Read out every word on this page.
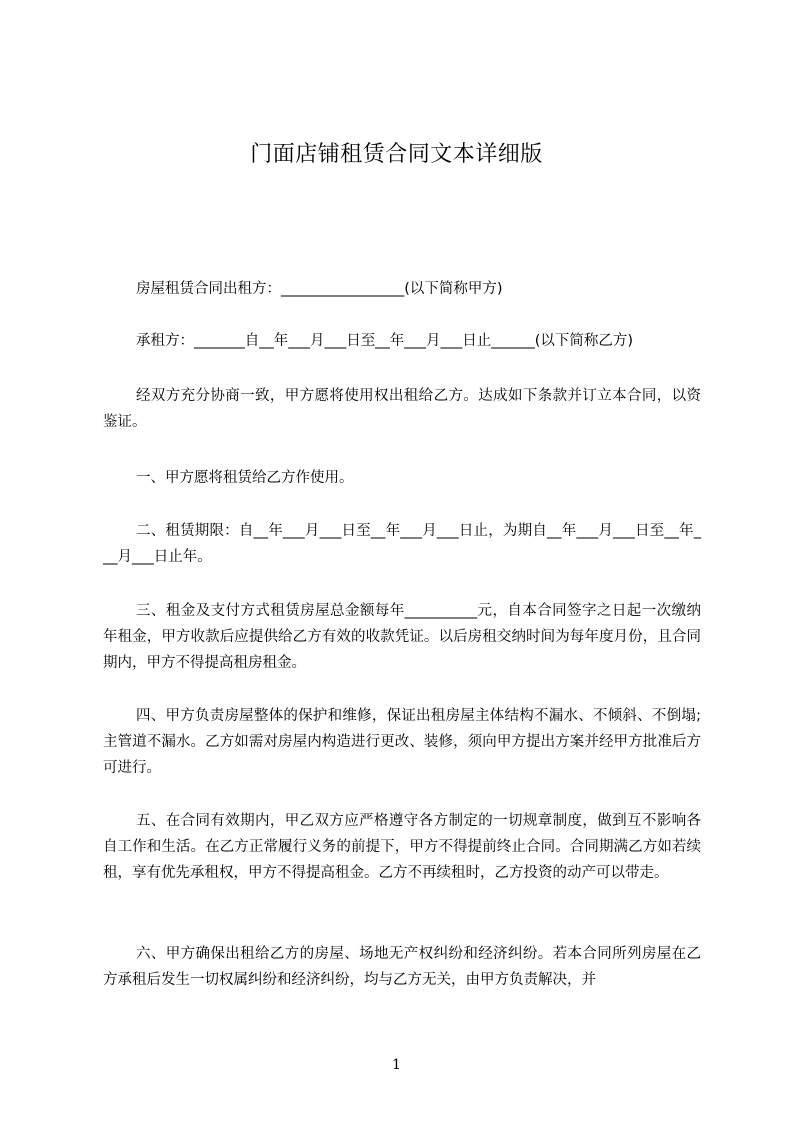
门面店铺租赁合同文本详细版

房屋租赁合同出租方：_________________(以下简称甲方)

承租方：_______自__年___月___日至__年___月___日止______(以下简称乙方)

经双方充分协商一致，甲方愿将使用权出租给乙方。达成如下条款并订立本合同，以资鉴证。

一、甲方愿将租赁给乙方作使用。

二、租赁期限：自__年___月___日至__年___月___日止，为期自__年___月___日至__年___月___日止年。

三、租金及支付方式租赁房屋总金额每年__________元，自本合同签字之日起一次缴纳年租金，甲方收款后应提供给乙方有效的收款凭证。以后房租交纳时间为每年度月份，且合同期内，甲方不得提高租房租金。

四、甲方负责房屋整体的保护和维修，保证出租房屋主体结构不漏水、不倾斜、不倒塌;主管道不漏水。乙方如需对房屋内构造进行更改、装修，须向甲方提出方案并经甲方批准后方可进行。

五、在合同有效期内，甲乙双方应严格遵守各方制定的一切规章制度，做到互不影响各自工作和生活。在乙方正常履行义务的前提下，甲方不得提前终止合同。合同期满乙方如若续租，享有优先承租权，甲方不得提高租金。乙方不再续租时，乙方投资的动产可以带走。

六、甲方确保出租给乙方的房屋、场地无产权纠纷和经济纠纷。若本合同所列房屋在乙方承租后发生一切权属纠纷和经济纠纷，均与乙方无关，由甲方负责解决，并

1
